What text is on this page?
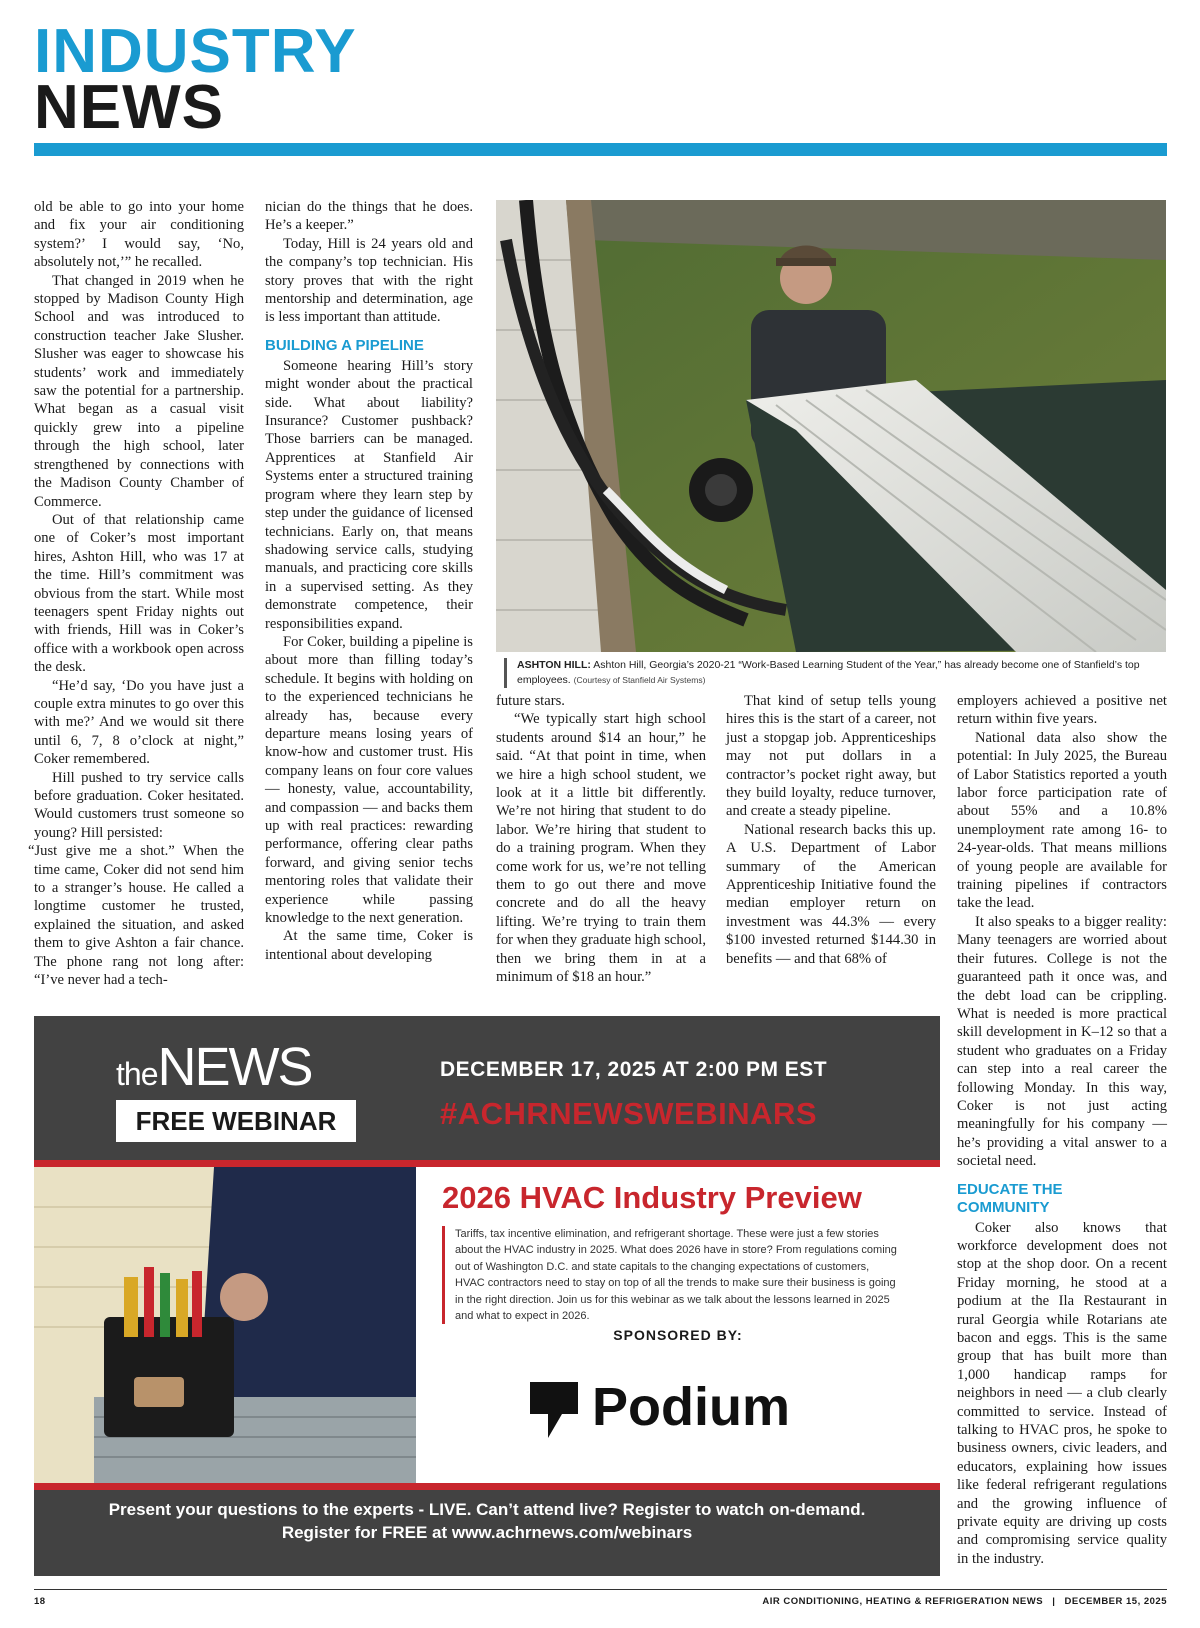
INDUSTRY
NEWS

old be able to go into your home and fix your air conditioning system?’ I would say, ‘No, absolutely not,’” he recalled.

That changed in 2019 when he stopped by Madison County High School and was introduced to construction teacher Jake Slusher. Slusher was eager to showcase his students’ work and immediately saw the potential for a partnership. What began as a casual visit quickly grew into a pipeline through the high school, later strengthened by connections with the Madison County Chamber of Commerce.

Out of that relationship came one of Coker’s most important hires, Ashton Hill, who was 17 at the time. Hill’s commitment was obvious from the start. While most teenagers spent Friday nights out with friends, Hill was in Coker’s office with a workbook open across the desk.

“He’d say, ‘Do you have just a couple extra minutes to go over this with me?’ And we would sit there until 6, 7, 8 o’clock at night,” Coker remembered.

Hill pushed to try service calls before graduation. Coker hesitated. Would customers trust someone so young? Hill persisted:

“Just give me a shot.” When the time came, Coker did not send him to a stranger’s house. He called a longtime customer he trusted, explained the situation, and asked them to give Ashton a fair chance. The phone rang not long after: “I’ve never had a tech-

nician do the things that he does. He’s a keeper.”

Today, Hill is 24 years old and the company’s top technician. His story proves that with the right mentorship and determination, age is less important than attitude.

BUILDING A PIPELINE

Someone hearing Hill’s story might wonder about the practical side. What about liability? Insurance? Customer pushback? Those barriers can be managed. Apprentices at Stanfield Air Systems enter a structured training program where they learn step by step under the guidance of licensed technicians. Early on, that means shadowing service calls, studying manuals, and practicing core skills in a supervised setting. As they demonstrate competence, their responsibilities expand.

For Coker, building a pipeline is about more than filling today’s schedule. It begins with holding on to the experienced technicians he already has, because every departure means losing years of know-how and customer trust. His company leans on four core values — honesty, value, accountability, and compassion — and backs them up with real practices: rewarding performance, offering clear paths forward, and giving senior techs mentoring roles that validate their experience while passing knowledge to the next generation.

At the same time, Coker is intentional about developing

ASHTON HILL: Ashton Hill, Georgia’s 2020-21 “Work-Based Learning Student of the Year,” has already become one of Stanfield’s top employees. (Courtesy of Stanfield Air Systems)

future stars.

“We typically start high school students around $14 an hour,” he said. “At that point in time, when we hire a high school student, we look at it a little bit differently. We’re not hiring that student to do labor. We’re hiring that student to do a training program. When they come work for us, we’re not telling them to go out there and move concrete and do all the heavy lifting. We’re trying to train them for when they graduate high school, then we bring them in at a minimum of $18 an hour.”

That kind of setup tells young hires this is the start of a career, not just a stopgap job. Apprenticeships may not put dollars in a contractor’s pocket right away, but they build loyalty, reduce turnover, and create a steady pipeline.

National research backs this up. A U.S. Department of Labor summary of the American Apprenticeship Initiative found the median employer return on investment was 44.3% — every $100 invested returned $144.30 in benefits — and that 68% of

employers achieved a positive net return within five years.

National data also show the potential: In July 2025, the Bureau of Labor Statistics reported a youth labor force participation rate of about 55% and a 10.8% unemployment rate among 16- to 24-year-olds. That means millions of young people are available for training pipelines if contractors take the lead.

It also speaks to a bigger reality: Many teenagers are worried about their futures. College is not the guaranteed path it once was, and the debt load can be crippling. What is needed is more practical skill development in K–12 so that a student who graduates on a Friday can step into a real career the following Monday. In this way, Coker is not just acting meaningfully for his company — he’s providing a vital answer to a societal need.

EDUCATE THE
COMMUNITY

Coker also knows that workforce development does not stop at the shop door. On a recent Friday morning, he stood at a podium at the Ila Restaurant in rural Georgia while Rotarians ate bacon and eggs. This is the same group that has built more than 1,000 handicap ramps for neighbors in need — a club clearly committed to service. Instead of talking to HVAC pros, he spoke to business owners, civic leaders, and educators, explaining how issues like federal refrigerant regulations and the growing influence of private equity are driving up costs and compromising service quality in the industry.

theNEWS
FREE WEBINAR
DECEMBER 17, 2025 AT 2:00 PM EST
#ACHRNEWSWEBINARS
2026 HVAC Industry Preview
Tariffs, tax incentive elimination, and refrigerant shortage. These were just a few stories about the HVAC industry in 2025. What does 2026 have in store? From regulations coming out of Washington D.C. and state capitals to the changing expectations of customers, HVAC contractors need to stay on top of all the trends to make sure their business is going in the right direction. Join us for this webinar as we talk about the lessons learned in 2025 and what to expect in 2026.
SPONSORED BY:
Podium
Present your questions to the experts - LIVE. Can’t attend live? Register to watch on-demand.
Register for FREE at www.achrnews.com/webinars
18	AIR CONDITIONING, HEATING & REFRIGERATION NEWS | DECEMBER 15, 2025
